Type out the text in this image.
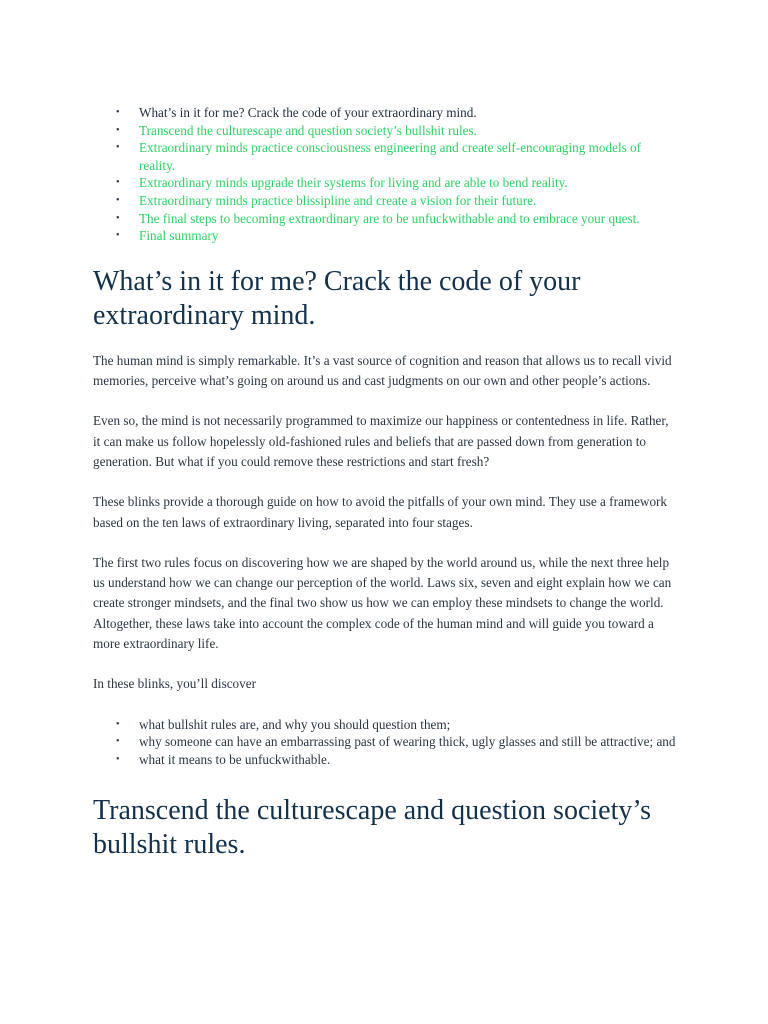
• What’s in it for me? Crack the code of your extraordinary mind.
• Transcend the culturescape and question society’s bullshit rules.
• Extraordinary minds practice consciousness engineering and create self-encouraging models of reality.
• Extraordinary minds upgrade their systems for living and are able to bend reality.
• Extraordinary minds practice blissipline and create a vision for their future.
• The final steps to becoming extraordinary are to be unfuckwithable and to embrace your quest.
• Final summary
What’s in it for me? Crack the code of your extraordinary mind.

The human mind is simply remarkable. It’s a vast source of cognition and reason that allows us to recall vivid memories, perceive what’s going on around us and cast judgments on our own and other people’s actions.

Even so, the mind is not necessarily programmed to maximize our happiness or contentedness in life. Rather, it can make us follow hopelessly old-fashioned rules and beliefs that are passed down from generation to generation. But what if you could remove these restrictions and start fresh?

These blinks provide a thorough guide on how to avoid the pitfalls of your own mind. They use a framework based on the ten laws of extraordinary living, separated into four stages.

The first two rules focus on discovering how we are shaped by the world around us, while the next three help us understand how we can change our perception of the world. Laws six, seven and eight explain how we can create stronger mindsets, and the final two show us how we can employ these mindsets to change the world. Altogether, these laws take into account the complex code of the human mind and will guide you toward a more extraordinary life.

In these blinks, you’ll discover

• what bullshit rules are, and why you should question them;
• why someone can have an embarrassing past of wearing thick, ugly glasses and still be attractive; and
• what it means to be unfuckwithable.
Transcend the culturescape and question society’s bullshit rules.
